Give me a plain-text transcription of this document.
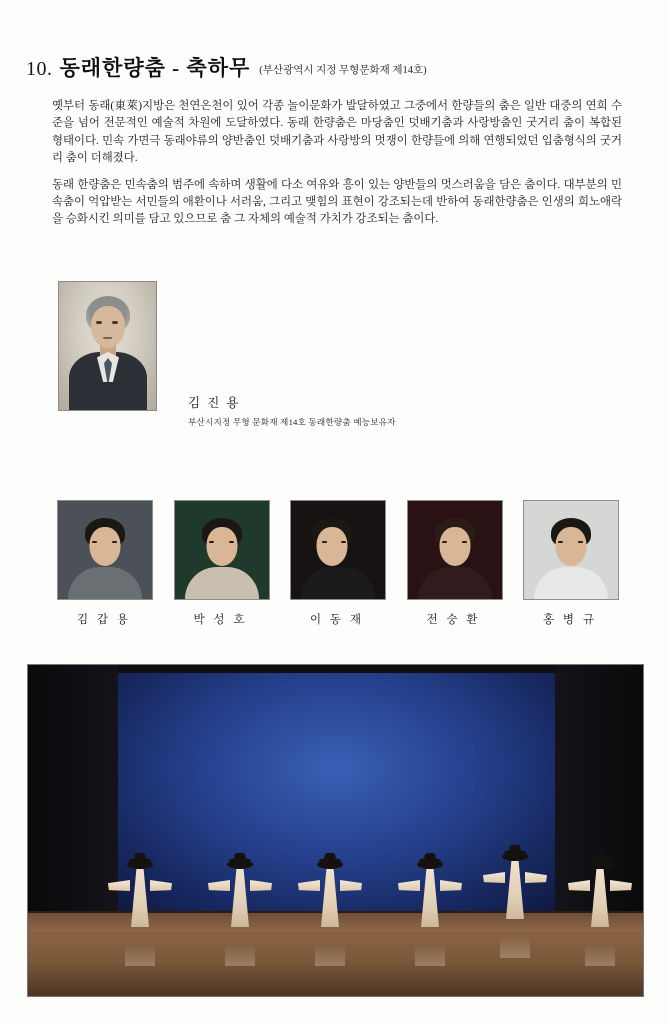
10. 동래한량춤 - 축하무 (부산광역시 지정 무형문화재 제14호)

옛부터 동래(東萊)지방은 천연온천이 있어 각종 놀이문화가 발달하였고 그중에서 한량들의 춤은 일반 대중의 연희 수준을 넘어 전문적인 예술적 차원에 도달하였다. 동래 한량춤은 마당춤인 덧배기춤과 사랑방춤인 굿거리 춤이 복합된 형태이다. 민속 가면극 동래야류의 양반춤인 덧배기춤과 사랑방의 멋쟁이 한량들에 의해 연행되었던 입춤형식의 굿거리 춤이 더해졌다.

동래 한량춤은 민속춤의 범주에 속하며 생활에 다소 여유와 흥이 있는 양반들의 멋스러움을 담은 춤이다. 대부분의 민속춤이 억압받는 서민들의 애환이나 서러움, 그리고 맺힘의 표현이 강조되는데 반하여 동래한량춤은 인생의 희노애락을 승화시킨 의미를 담고 있으므로 춤 그 자체의 예술적 가치가 강조되는 춤이다.

김 진 용
부산시지정 무형 문화재 제14호 동래한량춤 예능보유자
김 갑 용	박 성 호	이 동 재	전 숭 환	홍 병 규
